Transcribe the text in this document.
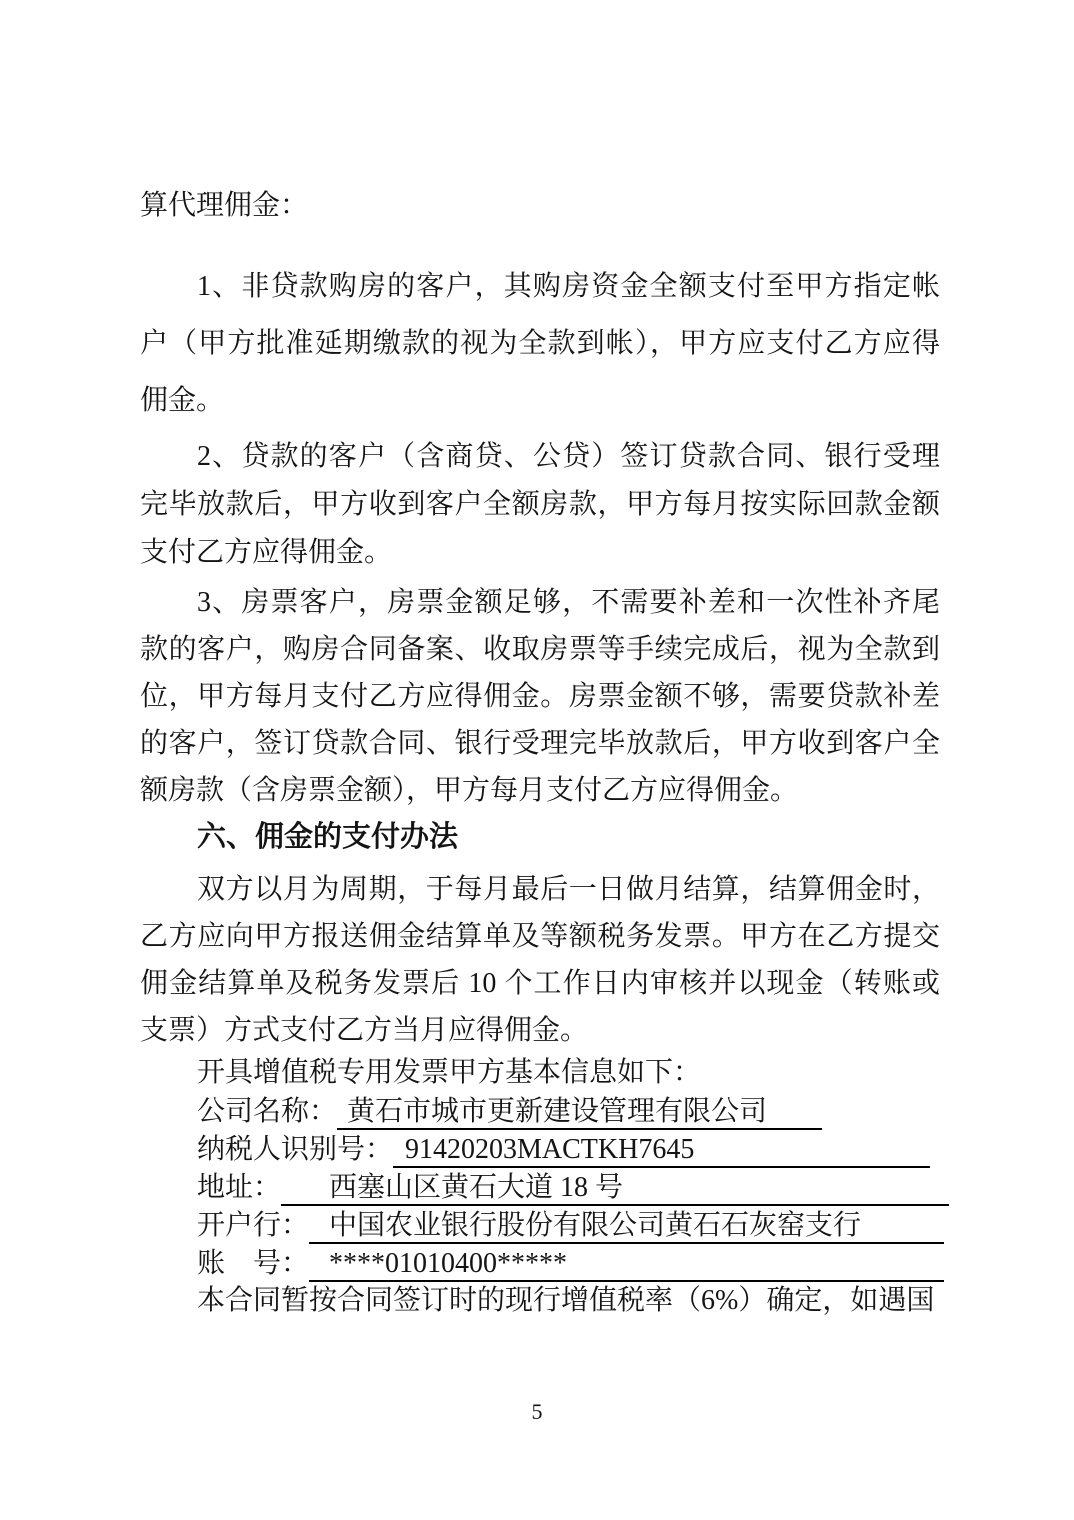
算代理佣金：
1、非贷款购房的客户，其购房资金全额支付至甲方指定帐
户（甲方批准延期缴款的视为全款到帐），甲方应支付乙方应得
佣金。
2、贷款的客户（含商贷、公贷）签订贷款合同、银行受理
完毕放款后，甲方收到客户全额房款，甲方每月按实际回款金额
支付乙方应得佣金。
3、房票客户，房票金额足够，不需要补差和一次性补齐尾
款的客户，购房合同备案、收取房票等手续完成后，视为全款到
位，甲方每月支付乙方应得佣金。房票金额不够，需要贷款补差
的客户，签订贷款合同、银行受理完毕放款后，甲方收到客户全
额房款（含房票金额），甲方每月支付乙方应得佣金。
六、佣金的支付办法
双方以月为周期，于每月最后一日做月结算，结算佣金时，
乙方应向甲方报送佣金结算单及等额税务发票。甲方在乙方提交
佣金结算单及税务发票后 10 个工作日内审核并以现金（转账或
支票）方式支付乙方当月应得佣金。
开具增值税专用发票甲方基本信息如下：
公司名称： 黄石市城市更新建设管理有限公司
纳税人识别号： 91420203MACTKH7645
地址：	西塞山区黄石大道 18 号
开户行： 中国农业银行股份有限公司黄石石灰窑支行
账　号： ****01010400*****
本合同暂按合同签订时的现行增值税率（6%）确定，如遇国
5
